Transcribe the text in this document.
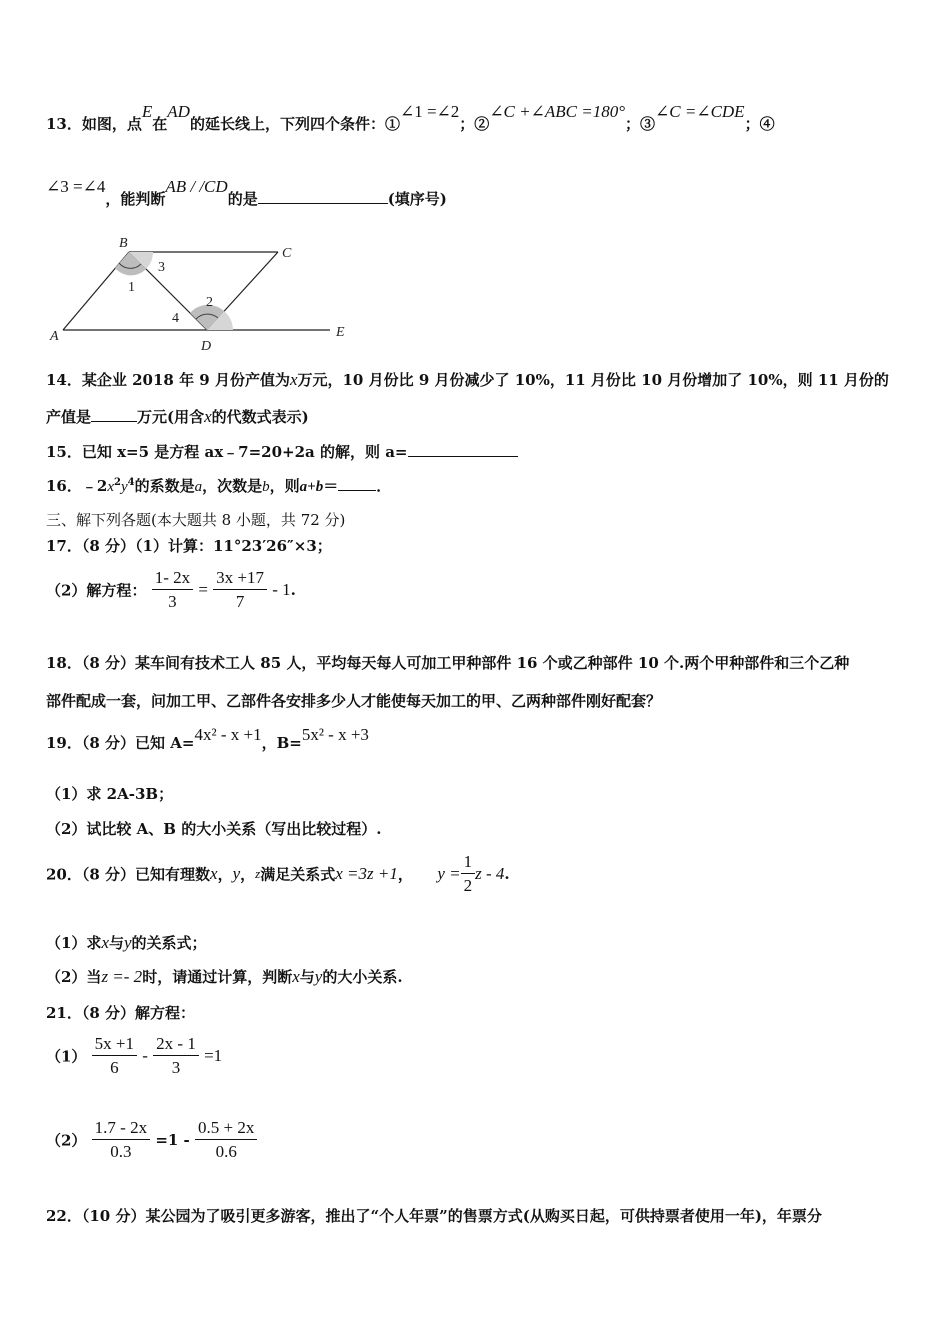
13．如图，点E在AD的延长线上，下列四个条件：①∠1 =∠2；②∠C +∠ABC =180°；③∠C =∠CDE；④
∠3 =∠4，能判断AB / /CD的是	(填序号)
B
C
A
D
E
1
2
3
4
14．某企业 2018 年 9 月份产值为x万元，10 月份比 9 月份减少了 10%，11 月份比 10 月份增加了 10%，则 11 月份的
产值是	万元(用含x的代数式表示)
15．已知 x=5 是方程 ax﹣7=20+2a 的解，则 a=
16．$﹣2x^2y^4$的系数是a，次数是b，则a+b＝	．
三、解下列各题(本大题共 8 小题，共 72 分)
17．（8 分）（1）计算：11°23′26″×3；
（2）解方程： $\frac{1- 2x}{3} = \frac{3x +17}{7} - 1$.
18．（8 分）某车间有技术工人 85 人，平均每天每人可加工甲种部件 16 个或乙种部件 10 个.两个甲种部件和三个乙种
部件配成一套，问加工甲、乙部件各安排多少人才能使每天加工的甲、乙两种部件刚好配套？
19．（8 分）已知 A=4x² - x +1，B=5x² - x +3
（1）求 2A-3B；
（2）试比较 A、B 的大小关系（写出比较过程）.
20．（8 分）已知有理数x，y，z满足关系式x =3z +1， $y = \frac{1}{2}$ z - 4.
（1）求x与y的关系式；
（2）当z =- 2时，请通过计算，判断x与y的大小关系.
21．（8 分）解方程：
$(1) \frac{5x +1}{6} - \frac{2x - 1}{3} =1$
$(2) \frac{1.7 - 2x}{0.3} =1 - \frac{0.5 + 2x}{0.6}$
22．（10 分）某公园为了吸引更多游客，推出了“个人年票”的售票方式(从购买日起，可供持票者使用一年)，年票分
